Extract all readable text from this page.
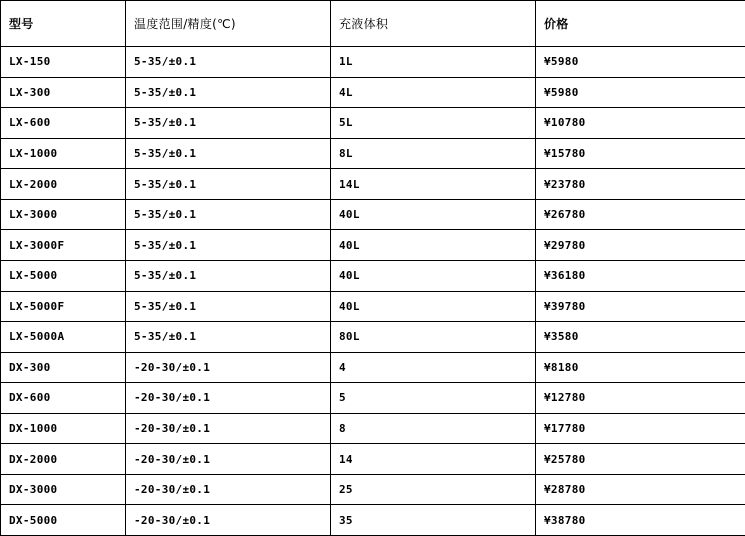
型号	温度范围/精度(℃)	充液体积	价格
LX-150	5-35/±0.1	1L	¥5980
LX-300	5-35/±0.1	4L	¥5980
LX-600	5-35/±0.1	5L	¥10780
LX-1000	5-35/±0.1	8L	¥15780
LX-2000	5-35/±0.1	14L	¥23780
LX-3000	5-35/±0.1	40L	¥26780
LX-3000F	5-35/±0.1	40L	¥29780
LX-5000	5-35/±0.1	40L	¥36180
LX-5000F	5-35/±0.1	40L	¥39780
LX-5000A	5-35/±0.1	80L	¥3580
DX-300	-20-30/±0.1	4	¥8180
DX-600	-20-30/±0.1	5	¥12780
DX-1000	-20-30/±0.1	8	¥17780
DX-2000	-20-30/±0.1	14	¥25780
DX-3000	-20-30/±0.1	25	¥28780
DX-5000	-20-30/±0.1	35	¥38780
